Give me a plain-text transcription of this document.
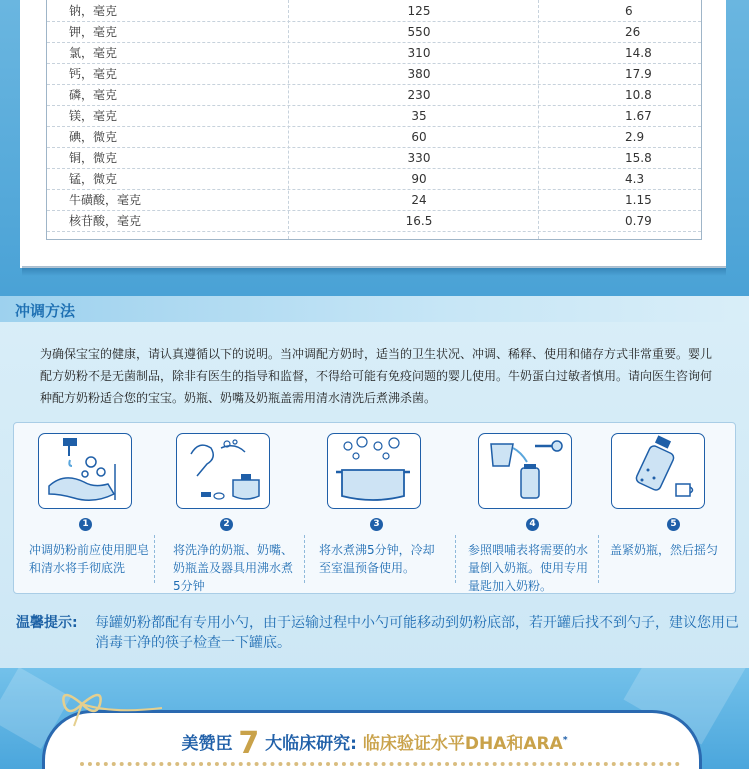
钠，毫克	125	6
钾，毫克	550	26
氯，毫克	310	14.8
钙，毫克	380	17.9
磷，毫克	230	10.8
镁，毫克	35	1.67
碘，微克	60	2.9
铜，微克	330	15.8
锰，微克	90	4.3
牛磺酸，毫克	24	1.15
核苷酸，毫克	16.5	0.79
冲调方法
为确保宝宝的健康，请认真遵循以下的说明。当冲调配方奶时，适当的卫生状况、冲调、稀释、使用和储存方式非常重要。婴儿配方奶粉不是无菌制品，除非有医生的指导和监督，不得给可能有免疫问题的婴儿使用。牛奶蛋白过敏者慎用。请向医生咨询何种配方奶粉适合您的宝宝。奶瓶、奶嘴及奶瓶盖需用清水清洗后煮沸杀菌。
1
冲调奶粉前应使用肥皂和清水将手彻底洗
2
将洗净的奶瓶、奶嘴、奶瓶盖及器具用沸水煮5分钟
3
将水煮沸5分钟，冷却至室温预备使用。
4
参照喂哺表将需要的水量倒入奶瓶。使用专用量匙加入奶粉。
5
盖紧奶瓶，然后摇匀
温馨提示: 每罐奶粉都配有专用小勺，由于运输过程中小勺可能移动到奶粉底部，若开罐后找不到勺子，建议您用已消毒干净的筷子检查一下罐底。
美赞臣 7 大临床研究: 临床验证水平DHA和ARA*
